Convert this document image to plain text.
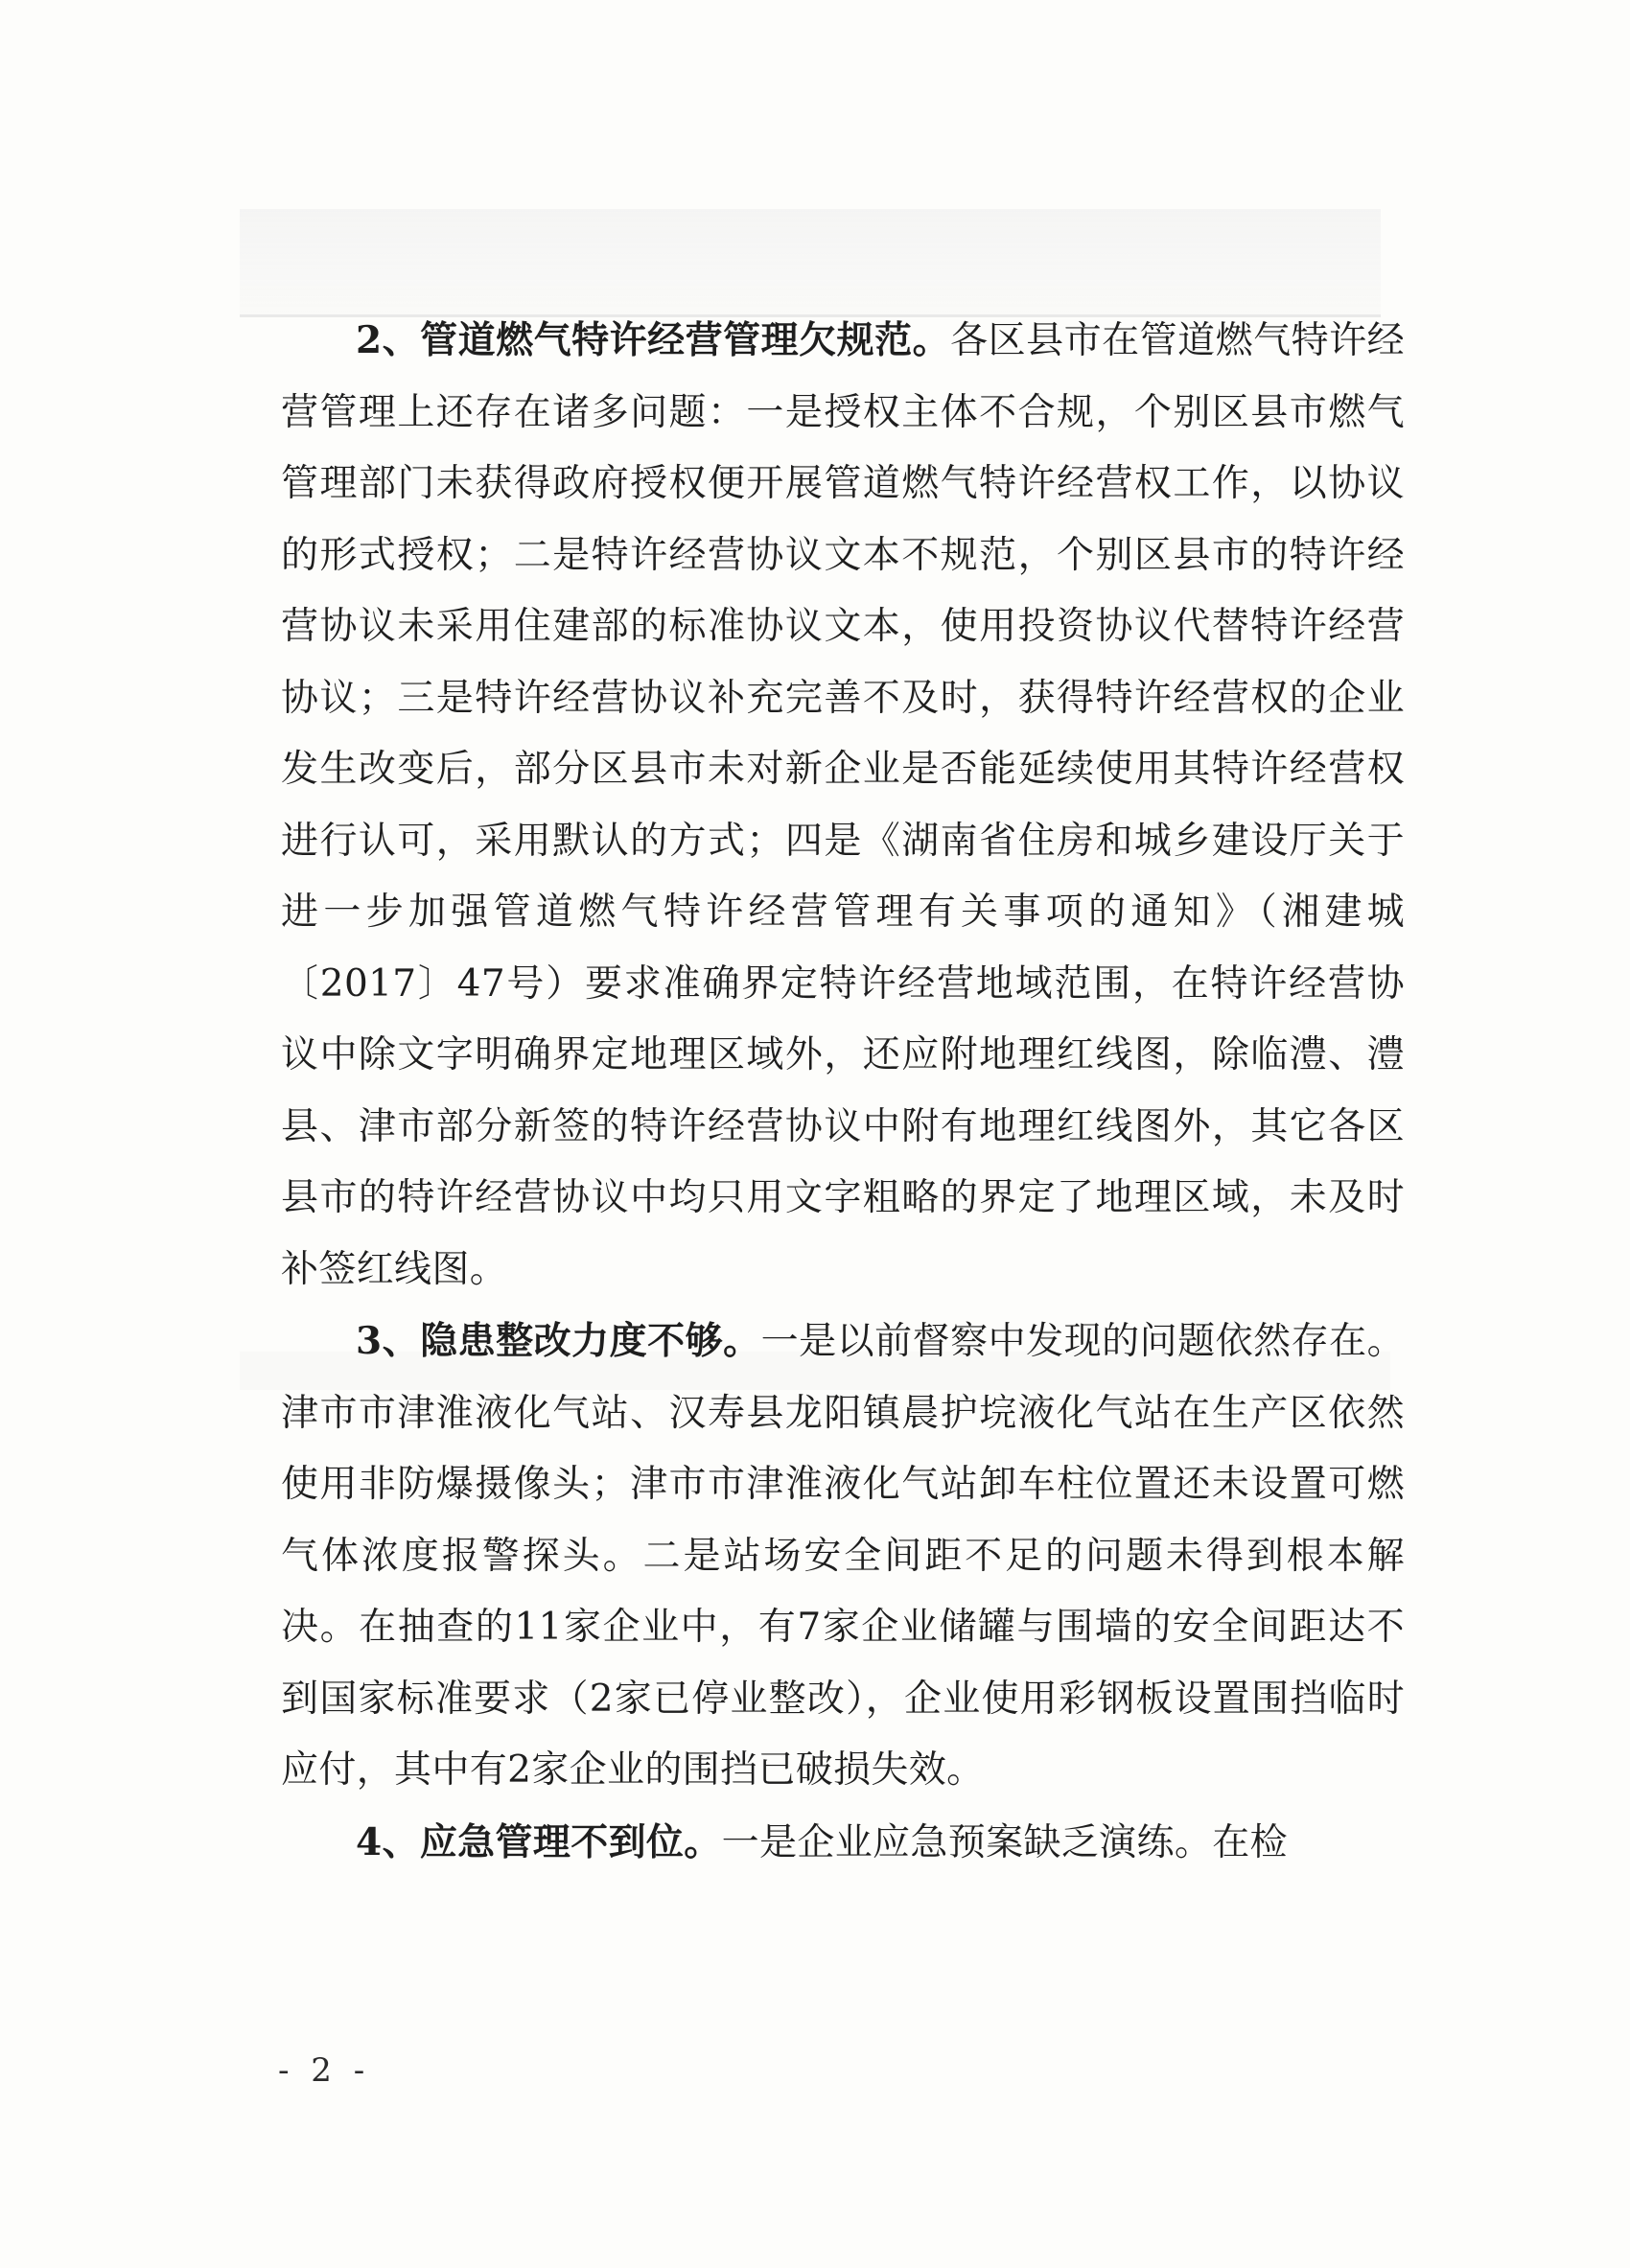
2、管道燃气特许经营管理欠规范。各区县市在管道燃气特许经营管理上还存在诸多问题：一是授权主体不合规，个别区县市燃气管理部门未获得政府授权便开展管道燃气特许经营权工作，以协议的形式授权；二是特许经营协议文本不规范，个别区县市的特许经营协议未采用住建部的标准协议文本，使用投资协议代替特许经营协议；三是特许经营协议补充完善不及时，获得特许经营权的企业发生改变后，部分区县市未对新企业是否能延续使用其特许经营权进行认可，采用默认的方式；四是《湖南省住房和城乡建设厅关于进一步加强管道燃气特许经营管理有关事项的通知》（湘建城〔2017〕47号）要求准确界定特许经营地域范围，在特许经营协议中除文字明确界定地理区域外，还应附地理红线图，除临澧、澧县、津市部分新签的特许经营协议中附有地理红线图外，其它各区县市的特许经营协议中均只用文字粗略的界定了地理区域，未及时补签红线图。

3、隐患整改力度不够。一是以前督察中发现的问题依然存在。津市市津淮液化气站、汉寿县龙阳镇晨护垸液化气站在生产区依然使用非防爆摄像头；津市市津淮液化气站卸车柱位置还未设置可燃气体浓度报警探头。二是站场安全间距不足的问题未得到根本解决。在抽查的11家企业中，有7家企业储罐与围墙的安全间距达不到国家标准要求（2家已停业整改），企业使用彩钢板设置围挡临时应付，其中有2家企业的围挡已破损失效。

4、应急管理不到位。一是企业应急预案缺乏演练。在检

- 2 -
